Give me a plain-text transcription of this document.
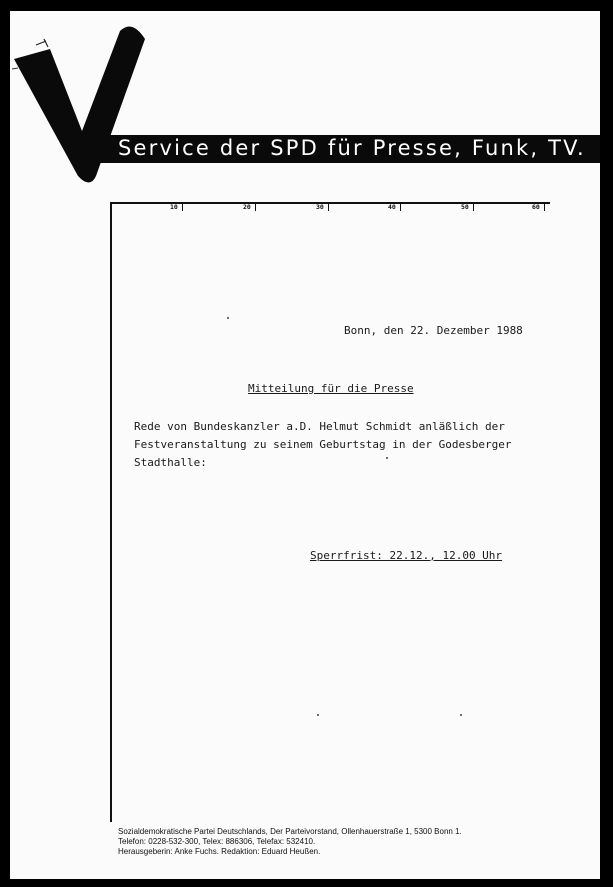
Service der SPD für Presse, Funk, TV.
10	20	30	40	50	60
Bonn, den 22. Dezember 1988
Mitteilung für die Presse
Rede von Bundeskanzler a.D. Helmut Schmidt anläßlich der
Festveranstaltung zu seinem Geburtstag in der Godesberger
Stadthalle:
Sperrfrist: 22.12., 12.00 Uhr
Sozialdemokratische Partei Deutschlands, Der Parteivorstand, Ollenhauerstraße 1, 5300 Bonn 1.
Telefon: 0228-532-300, Telex: 886306, Telefax: 532410.
Herausgeberin: Anke Fuchs. Redaktion: Eduard Heußen.
